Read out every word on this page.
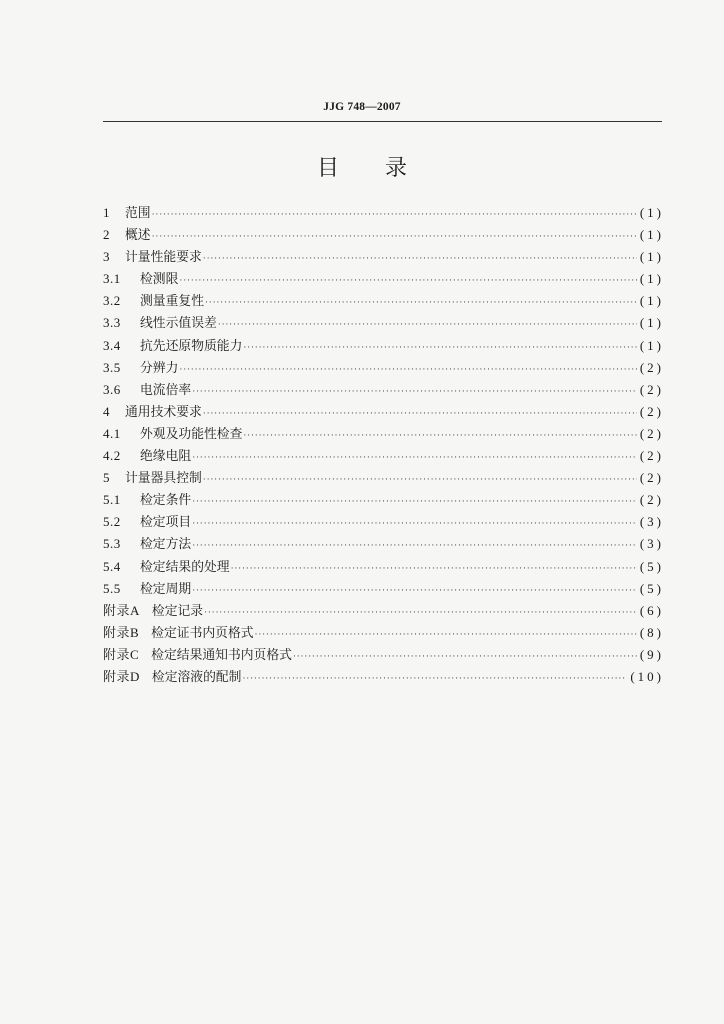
JJG 748—2007
目录
1	范围 ·····	(1)
2	概述 ·····	(1)
3	计量性能要求 ·····	(1)
3.1	检测限 ·····	(1)
3.2	测量重复性 ·····	(1)
3.3	线性示值误差 ·····	(1)
3.4	抗先还原物质能力 ·····	(1)
3.5	分辨力 ·····	(2)
3.6	电流倍率 ·····	(2)
4	通用技术要求 ·····	(2)
4.1	外观及功能性检查 ·····	(2)
4.2	绝缘电阻 ·····	(2)
5	计量器具控制 ·····	(2)
5.1	检定条件 ·····	(2)
5.2	检定项目 ·····	(3)
5.3	检定方法 ·····	(3)
5.4	检定结果的处理 ·····	(5)
5.5	检定周期 ·····	(5)
附录A 检定记录 ·····	(6)
附录B 检定证书内页格式 ·····	(8)
附录C 检定结果通知书内页格式 ·····	(9)
附录D 检定溶液的配制 ·····	(10)
